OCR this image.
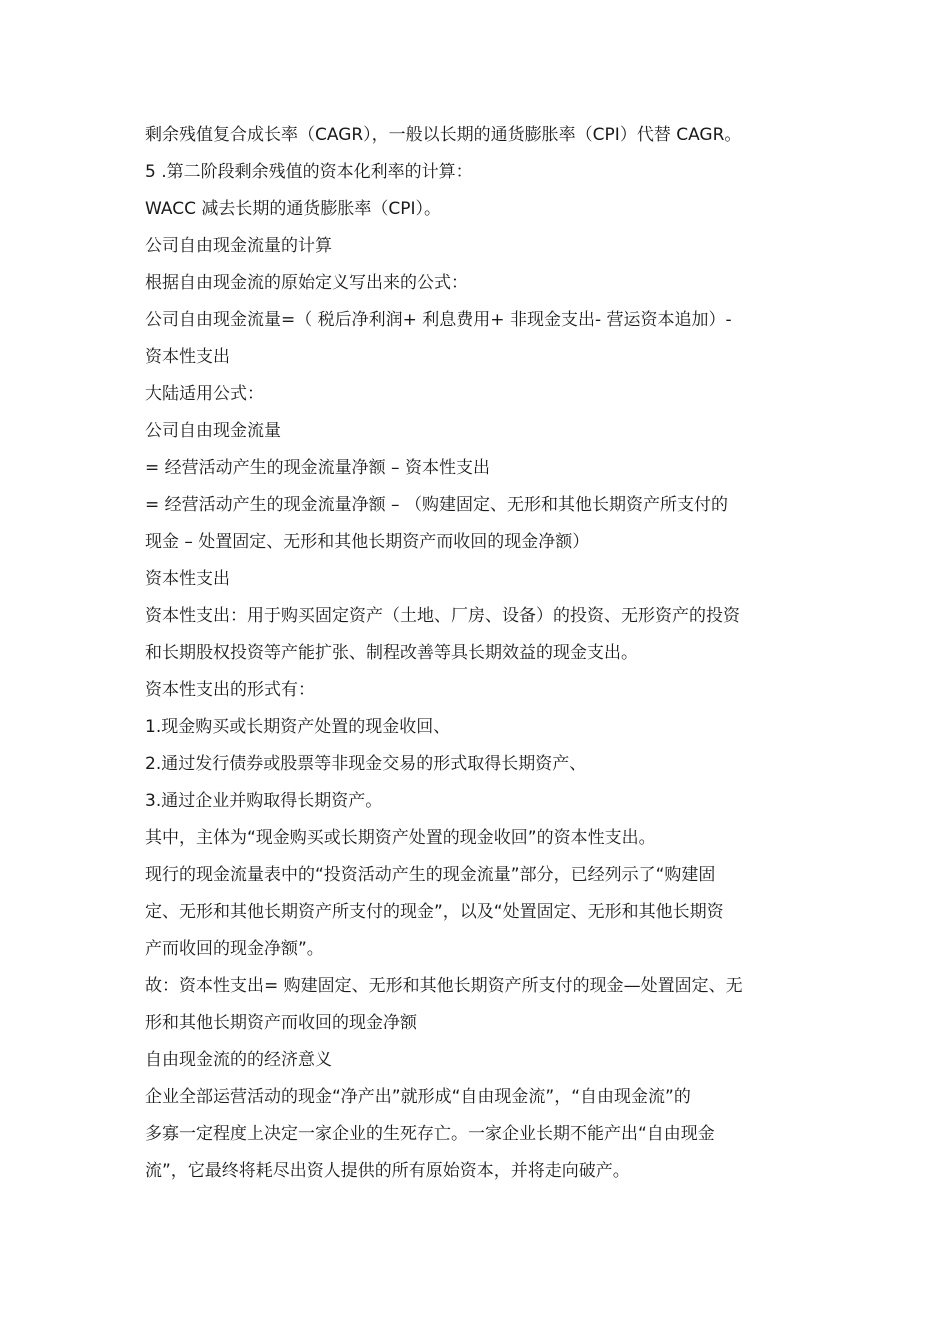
剩余残值复合成长率（CAGR），一般以长期的通货膨胀率（CPI）代替 CAGR。
5 .第二阶段剩余残值的资本化利率的计算：
WACC 减去长期的通货膨胀率（CPI）。
公司自由现金流量的计算
根据自由现金流的原始定义写出来的公式：
公司自由现金流量=（ 税后净利润+ 利息费用+ 非现金支出- 营运资本追加）-
资本性支出
大陆适用公式：
公司自由现金流量
= 经营活动产生的现金流量净额 – 资本性支出
= 经营活动产生的现金流量净额 – （购建固定、无形和其他长期资产所支付的
现金 – 处置固定、无形和其他长期资产而收回的现金净额）
资本性支出
资本性支出：用于购买固定资产（土地、厂房、设备）的投资、无形资产的投资
和长期股权投资等产能扩张、制程改善等具长期效益的现金支出。
资本性支出的形式有：
1.现金购买或长期资产处置的现金收回、
2.通过发行债券或股票等非现金交易的形式取得长期资产、
3.通过企业并购取得长期资产。
其中，主体为“现金购买或长期资产处置的现金收回”的资本性支出。
现行的现金流量表中的“投资活动产生的现金流量”部分，已经列示了“购建固
定、无形和其他长期资产所支付的现金”，以及“处置固定、无形和其他长期资
产而收回的现金净额”。
故：资本性支出= 购建固定、无形和其他长期资产所支付的现金—处置固定、无
形和其他长期资产而收回的现金净额
自由现金流的的经济意义
企业全部运营活动的现金“净产出”就形成“自由现金流”，“自由现金流”的
多寡一定程度上决定一家企业的生死存亡。一家企业长期不能产出“自由现金
流”，它最终将耗尽出资人提供的所有原始资本，并将走向破产。
